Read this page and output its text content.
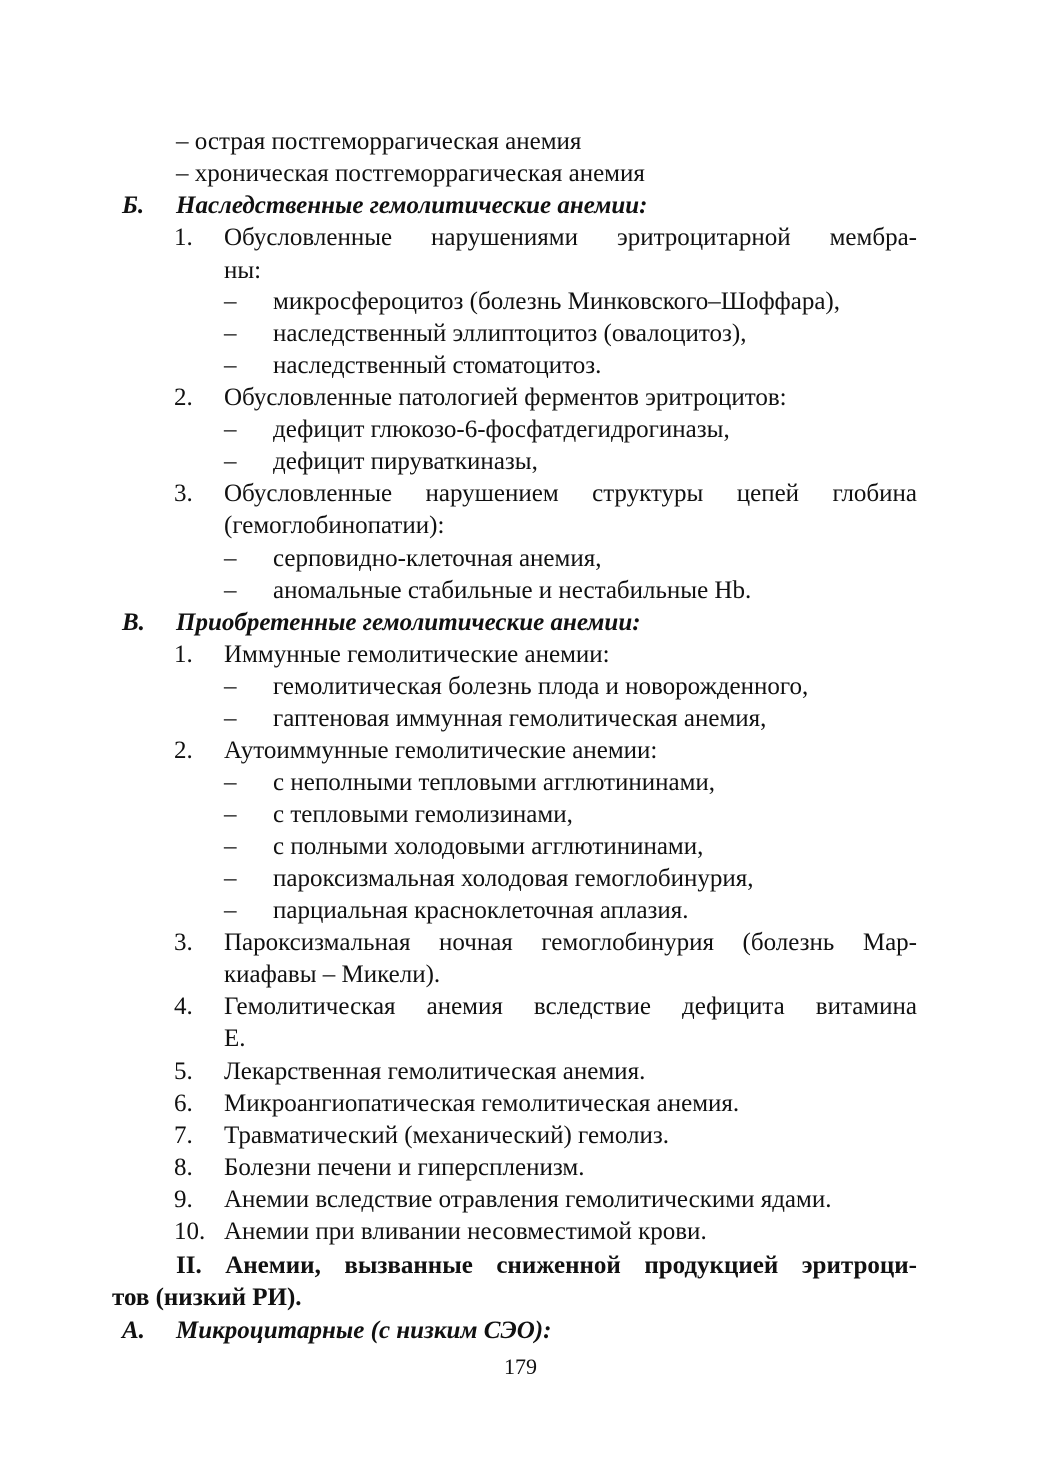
– острая постгеморрагическая анемия
– хроническая постгеморрагическая анемия
Б. Наследственные гемолитические анемии:
1. Обусловленные нарушениями эритроцитарной мембра-
ны:
– микросфероцитоз (болезнь Минковского–Шоффара),
– наследственный эллиптоцитоз (овалоцитоз),
– наследственный стоматоцитоз.
2. Обусловленные патологией ферментов эритроцитов:
– дефицит глюкозо-6-фосфатдегидрогиназы,
– дефицит пируваткиназы,
3. Обусловленные нарушением структуры цепей глобина
(гемоглобинопатии):
– серповидно-клеточная анемия,
– аномальные стабильные и нестабильные Hb.
В. Приобретенные гемолитические анемии:
1. Иммунные гемолитические анемии:
– гемолитическая болезнь плода и новорожденного,
– гаптеновая иммунная гемолитическая анемия,
2. Аутоиммунные гемолитические анемии:
– с неполными тепловыми агглютининами,
– с тепловыми гемолизинами,
– с полными холодовыми агглютининами,
– пароксизмальная холодовая гемоглобинурия,
– парциальная красноклеточная аплазия.
3. Пароксизмальная ночная гемоглобинурия (болезнь Мар-
киафавы – Микели).
4. Гемолитическая анемия вследствие дефицита витамина
Е.
5. Лекарственная гемолитическая анемия.
6. Микроангиопатическая гемолитическая анемия.
7. Травматический (механический) гемолиз.
8. Болезни печени и гиперспленизм.
9. Анемии вследствие отравления гемолитическими ядами.
10. Анемии при вливании несовместимой крови.
II. Анемии, вызванные сниженной продукцией эритроци-
тов (низкий РИ).
А. Микроцитарные (с низким СЭО):
179
